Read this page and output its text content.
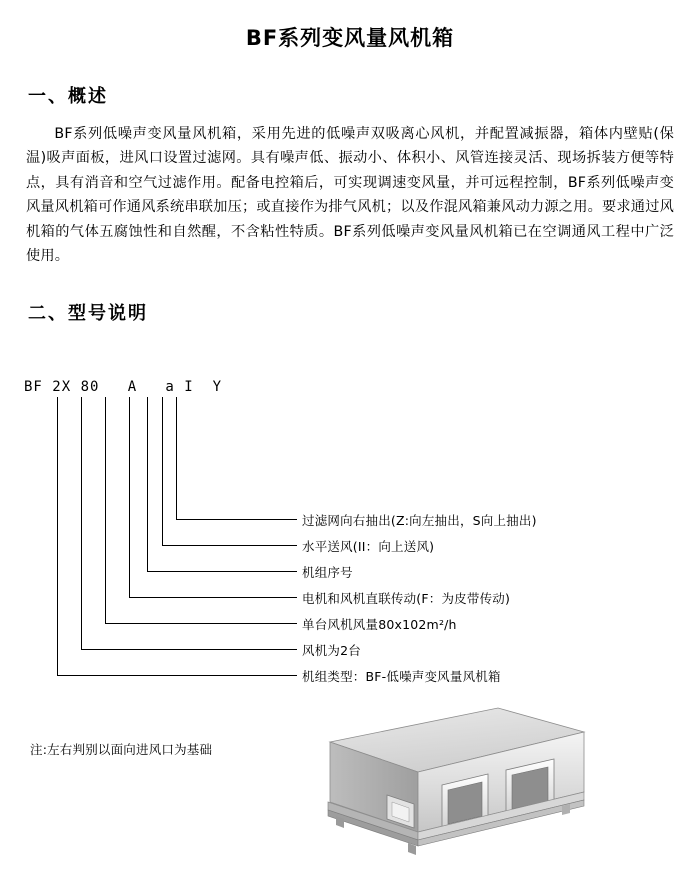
BF系列变风量风机箱
一、概述

BF系列低噪声变风量风机箱，采用先进的低噪声双吸离心风机，并配置减振器，箱体内壁贴(保温)吸声面板，进风口设置过滤网。具有噪声低、振动小、体积小、风管连接灵活、现场拆装方便等特点，具有消音和空气过滤作用。配备电控箱后，可实现调速变风量，并可远程控制，BF系列低噪声变风量风机箱可作通风系统串联加压；或直接作为排气风机；以及作混风箱兼风动力源之用。要求通过风机箱的气体五腐蚀性和自然醒，不含粘性特质。BF系列低噪声变风量风机箱已在空调通风工程中广泛使用。

二、型号说明
BF 2X 80   A   a I  Y
过滤网向右抽出(Z:向左抽出，S向上抽出)
水平送风(II：向上送风)
机组序号
电机和风机直联传动(F：为皮带传动)
单台风机风量80x102m²/h
风机为2台
机组类型：BF-低噪声变风量风机箱
注:左右判别以面向进风口为基础
